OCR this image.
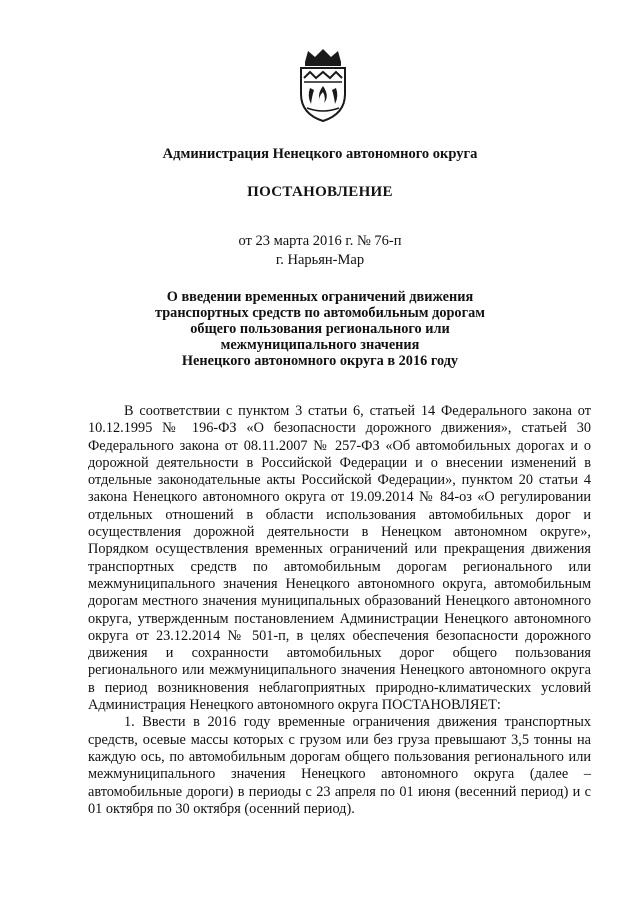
Администрация Ненецкого автономного округа
ПОСТАНОВЛЕНИЕ
от 23 марта 2016 г. № 76-п
г. Нарьян-Мар
О введении временных ограничений движения
транспортных средств по автомобильным дорогам
общего пользования регионального или
межмуниципального значения
Ненецкого автономного округа в 2016 году

В соответствии с пунктом 3 статьи 6, статьей 14 Федерального закона от 10.12.1995 № 196-ФЗ «О безопасности дорожного движения», статьей 30 Федерального закона от 08.11.2007 № 257-ФЗ «Об автомобильных дорогах и о дорожной деятельности в Российской Федерации и о внесении изменений в отдельные законодательные акты Российской Федерации», пунктом 20 статьи 4 закона Ненецкого автономного округа от 19.09.2014 № 84-оз «О регулировании отдельных отношений в области использования автомобильных дорог и осуществления дорожной деятельности в Ненецком автономном округе», Порядком осуществления временных ограничений или прекращения движения транспортных средств по автомобильным дорогам регионального или межмуниципального значения Ненецкого автономного округа, автомобильным дорогам местного значения муниципальных образований Ненецкого автономного округа, утвержденным постановлением Администрации Ненецкого автономного округа от 23.12.2014 № 501-п, в целях обеспечения безопасности дорожного движения и сохранности автомобильных дорог общего пользования регионального или межмуниципального значения Ненецкого автономного округа в период возникновения неблагоприятных природно-климатических условий Администрация Ненецкого автономного округа ПОСТАНОВЛЯЕТ:

1. Ввести в 2016 году временные ограничения движения транспортных средств, осевые массы которых с грузом или без груза превышают 3,5 тонны на каждую ось, по автомобильным дорогам общего пользования регионального или межмуниципального значения Ненецкого автономного округа (далее – автомобильные дороги) в периоды с 23 апреля по 01 июня (весенний период) и с 01 октября по 30 октября (осенний период).
